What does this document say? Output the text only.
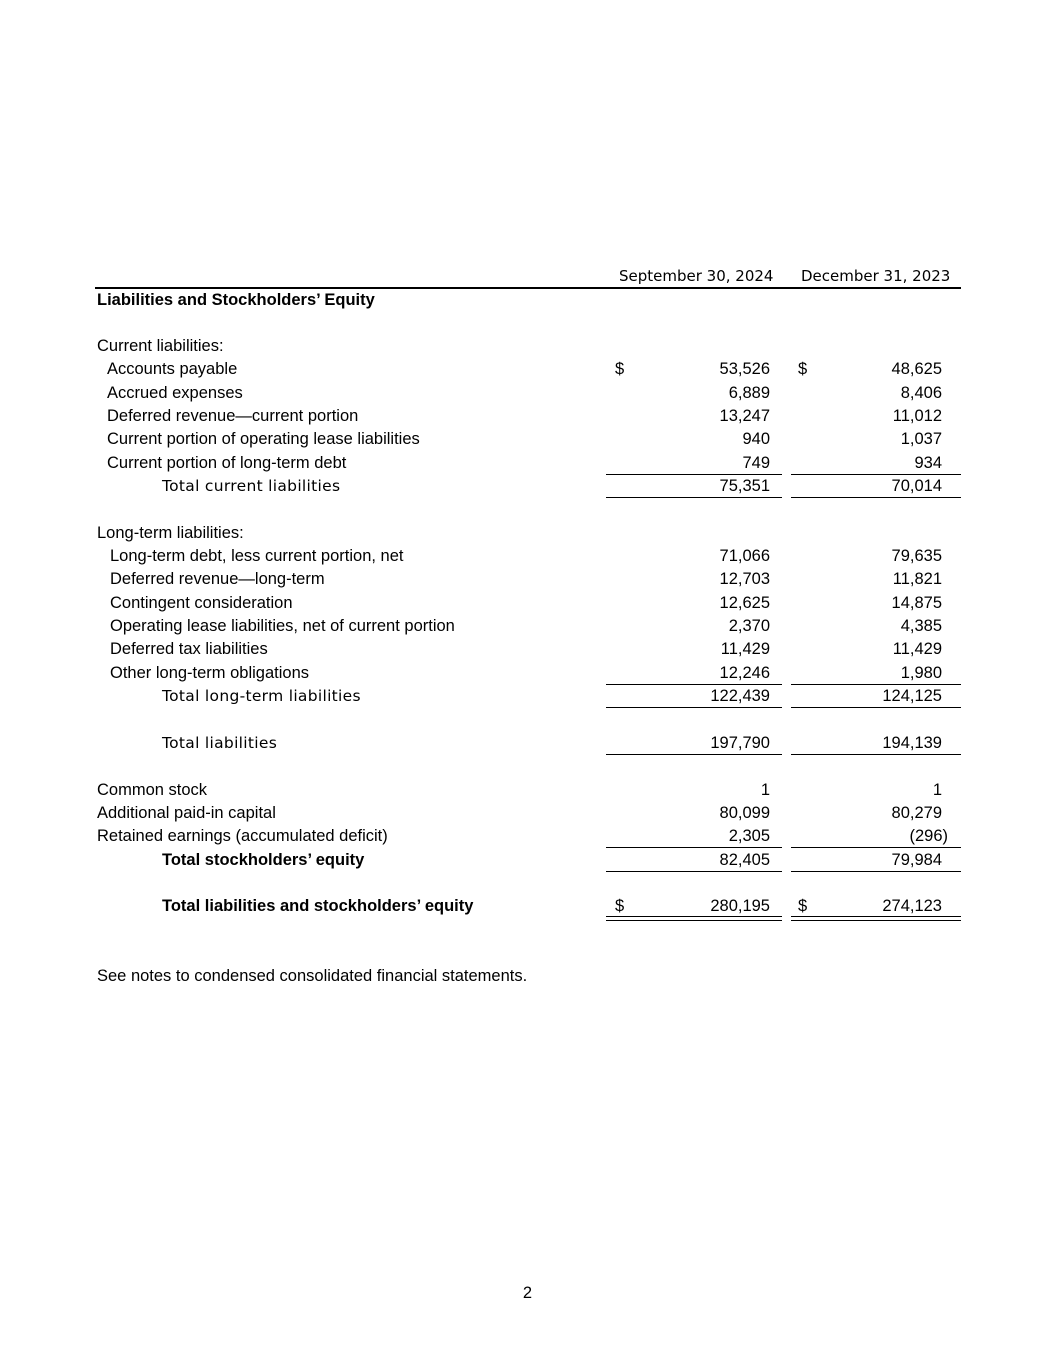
September 30, 2024 December 31, 2023
Liabilities and Stockholders’ Equity
Current liabilities:
Accounts payable	$	53,526 $	48,625
Accrued expenses	6,889	8,406
Deferred revenue—current portion	13,247	11,012
Current portion of operating lease liabilities	940	1,037
Current portion of long-term debt	749	934
Total current liabilities	75,351	70,014
Long-term liabilities:
Long-term debt, less current portion, net	71,066	79,635
Deferred revenue—long-term	12,703	11,821
Contingent consideration	12,625	14,875
Operating lease liabilities, net of current portion	2,370	4,385
Deferred tax liabilities	11,429	11,429
Other long-term obligations	12,246	1,980
Total long-term liabilities	122,439	124,125
Total liabilities	197,790	194,139
Common stock	1	1
Additional paid-in capital	80,099	80,279
Retained earnings (accumulated deficit)	2,305	(296)
Total stockholders’ equity	82,405	79,984
Total liabilities and stockholders’ equity	$	280,195 $	274,123
See notes to condensed consolidated financial statements.
2
